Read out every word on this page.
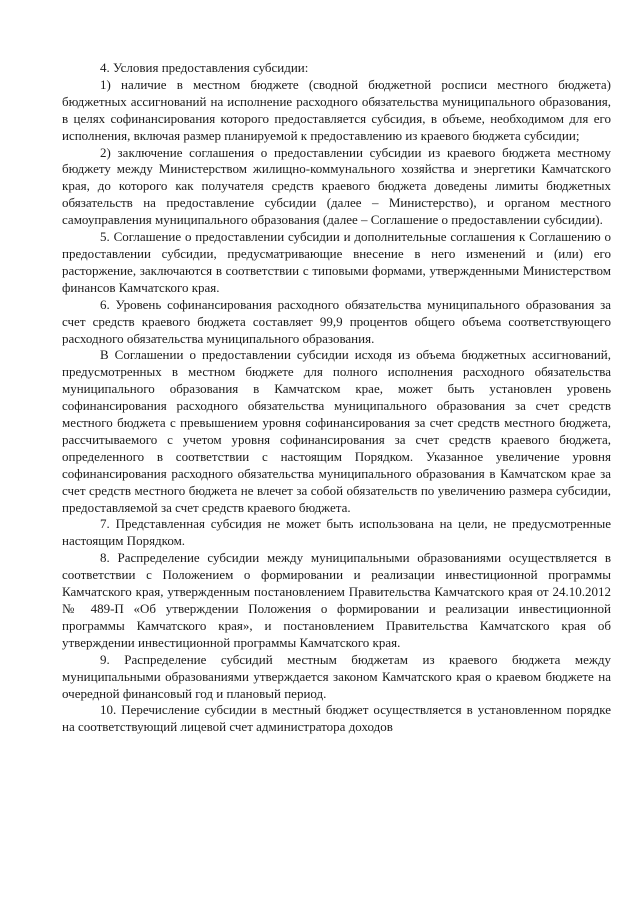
4. Условия предоставления субсидии:

1) наличие в местном бюджете (сводной бюджетной росписи местного бюджета) бюджетных ассигнований на исполнение расходного обязательства муниципального образования, в целях софинансирования которого предоставляется субсидия, в объеме, необходимом для его исполнения, включая размер планируемой к предоставлению из краевого бюджета субсидии;

2) заключение соглашения о предоставлении субсидии из краевого бюджета местному бюджету между Министерством жилищно-коммунального хозяйства и энергетики Камчатского края, до которого как получателя средств краевого бюджета доведены лимиты бюджетных обязательств на предоставление субсидии (далее – Министерство), и органом местного самоуправления муниципального образования (далее – Соглашение о предоставлении субсидии).

5. Соглашение о предоставлении субсидии и дополнительные соглашения к Соглашению о предоставлении субсидии, предусматривающие внесение в него изменений и (или) его расторжение, заключаются в соответствии с типовыми формами, утвержденными Министерством финансов Камчатского края.

6. Уровень софинансирования расходного обязательства муниципального образования за счет средств краевого бюджета составляет 99,9 процентов общего объема соответствующего расходного обязательства муниципального образования.

В Соглашении о предоставлении субсидии исходя из объема бюджетных ассигнований, предусмотренных в местном бюджете для полного исполнения расходного обязательства муниципального образования в Камчатском крае, может быть установлен уровень софинансирования расходного обязательства муниципального образования за счет средств местного бюджета с превышением уровня софинансирования за счет средств местного бюджета, рассчитываемого с учетом уровня софинансирования за счет средств краевого бюджета, определенного в соответствии с настоящим Порядком. Указанное увеличение уровня софинансирования расходного обязательства муниципального образования в Камчатском крае за счет средств местного бюджета не влечет за собой обязательств по увеличению размера субсидии, предоставляемой за счет средств краевого бюджета.

7. Представленная субсидия не может быть использована на цели, не предусмотренные настоящим Порядком.

8. Распределение субсидии между муниципальными образованиями осуществляется в соответствии с Положением о формировании и реализации инвестиционной программы Камчатского края, утвержденным постановлением Правительства Камчатского края от 24.10.2012 № 489-П «Об утверждении Положения о формировании и реализации инвестиционной программы Камчатского края», и постановлением Правительства Камчатского края об утверждении инвестиционной программы Камчатского края.

9. Распределение субсидий местным бюджетам из краевого бюджета между муниципальными образованиями утверждается законом Камчатского края о краевом бюджете на очередной финансовый год и плановый период.

10. Перечисление субсидии в местный бюджет осуществляется в установленном порядке на соответствующий лицевой счет администратора доходов
